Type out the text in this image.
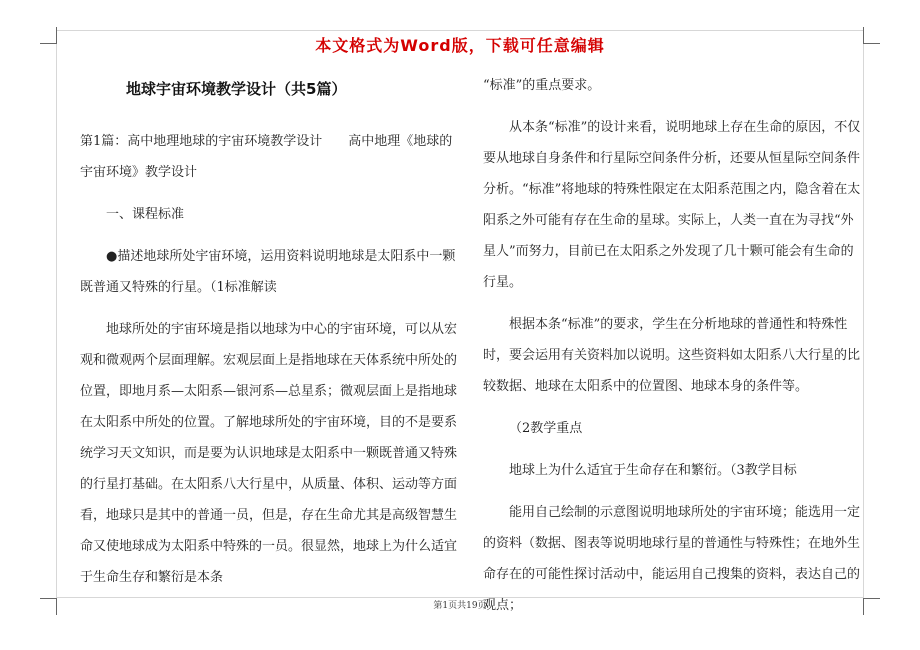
本文格式为Word版，下载可任意编辑
地球宇宙环境教学设计（共5篇）
第1篇：高中地理地球的宇宙环境教学设计　　高中地理《地球的宇宙环境》教学设计
一、课程标准
●描述地球所处宇宙环境，运用资料说明地球是太阳系中一颗既普通又特殊的行星。（1标准解读
地球所处的宇宙环境是指以地球为中心的宇宙环境，可以从宏观和微观两个层面理解。宏观层面上是指地球在天体系统中所处的位置，即地月系—太阳系—银河系—总星系；微观层面上是指地球在太阳系中所处的位置。了解地球所处的宇宙环境，目的不是要系统学习天文知识，而是要为认识地球是太阳系中一颗既普通又特殊的行星打基础。在太阳系八大行星中，从质量、体积、运动等方面看，地球只是其中的普通一员，但是，存在生命尤其是高级智慧生命又使地球成为太阳系中特殊的一员。很显然，地球上为什么适宜于生命生存和繁衍是本条
“标准”的重点要求。
从本条“标准”的设计来看，说明地球上存在生命的原因，不仅要从地球自身条件和行星际空间条件分析，还要从恒星际空间条件分析。“标准”将地球的特殊性限定在太阳系范围之内，隐含着在太阳系之外可能有存在生命的星球。实际上，人类一直在为寻找“外星人”而努力，目前已在太阳系之外发现了几十颗可能会有生命的行星。
根据本条“标准”的要求，学生在分析地球的普通性和特殊性时，要会运用有关资料加以说明。这些资料如太阳系八大行星的比较数据、地球在太阳系中的位置图、地球本身的条件等。
（2教学重点
地球上为什么适宜于生命存在和繁衍。（3教学目标
能用自己绘制的示意图说明地球所处的宇宙环境；能选用一定的资料（数据、图表等说明地球行星的普通性与特殊性；在地外生命存在的可能性探讨活动中，能运用自己搜集的资料，表达自己的观点；
第1页共19页
